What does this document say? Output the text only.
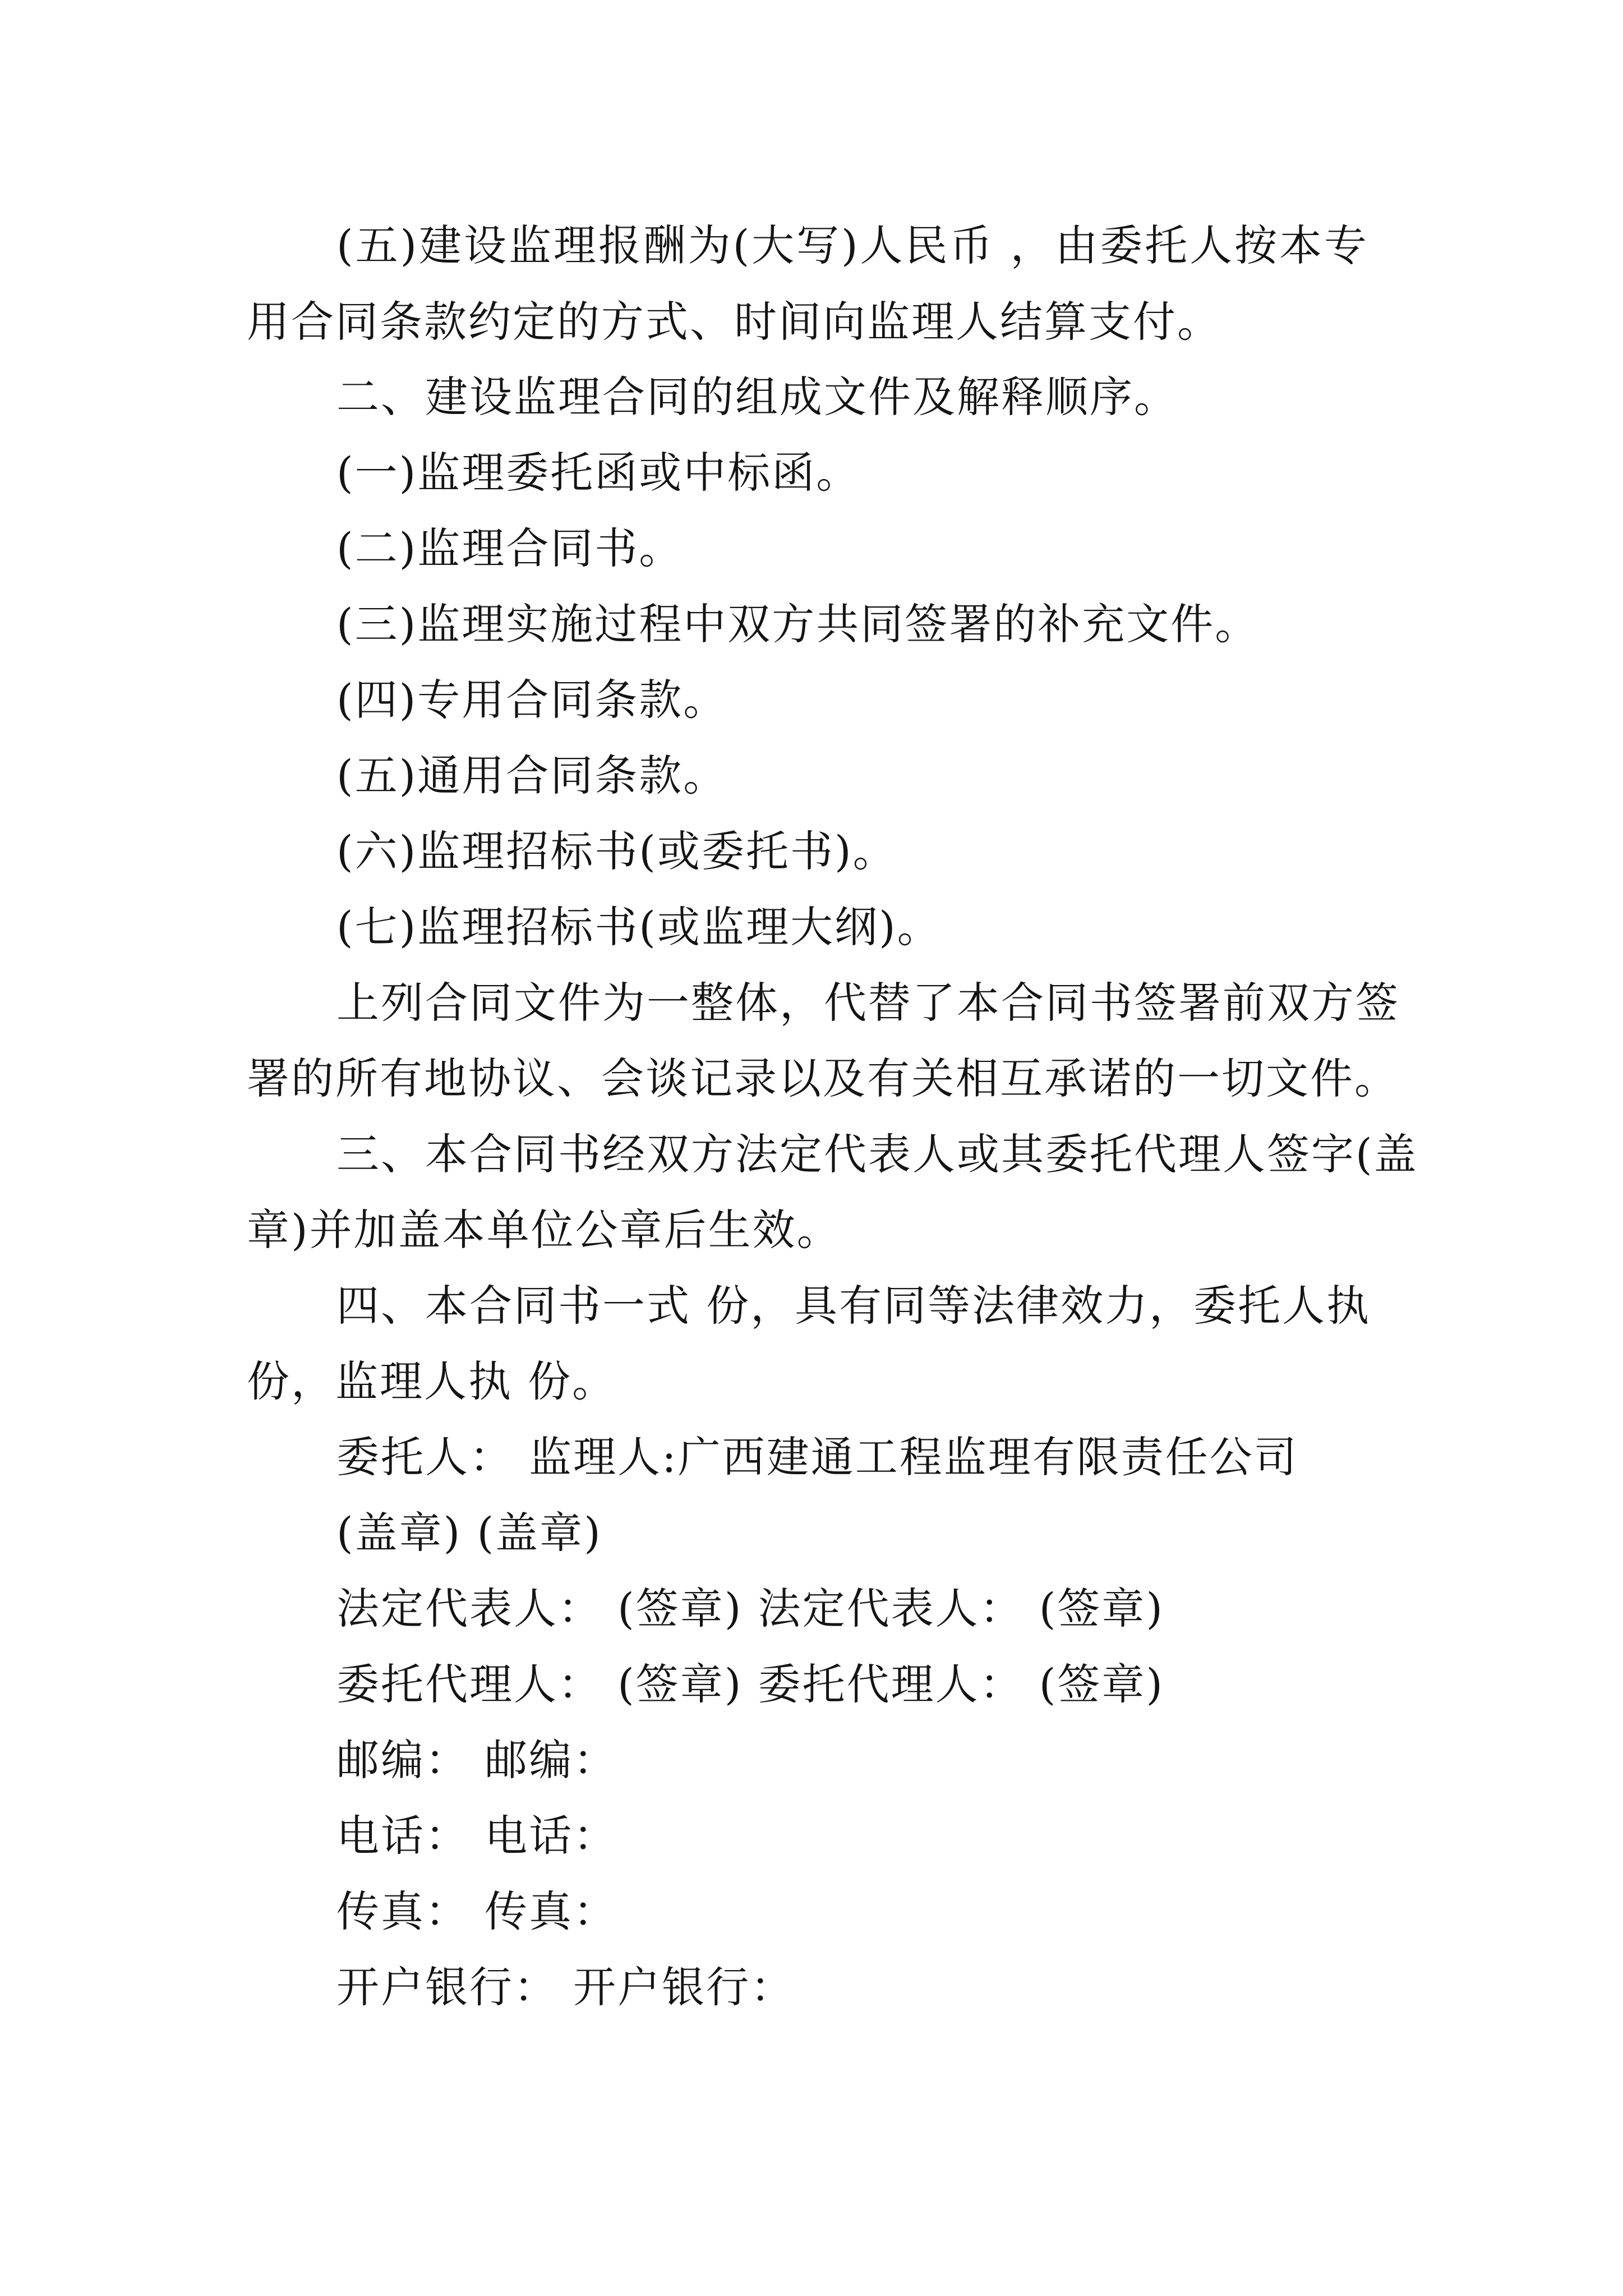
(五)建设监理报酬为(大写)人民币 ，由委托人按本专
用合同条款约定的方式、时间向监理人结算支付。
二、建设监理合同的组成文件及解释顺序。
(一)监理委托函或中标函。
(二)监理合同书。
(三)监理实施过程中双方共同签署的补充文件。
(四)专用合同条款。
(五)通用合同条款。
(六)监理招标书(或委托书)。
(七)监理招标书(或监理大纲)。
上列合同文件为一整体，代替了本合同书签署前双方签
署的所有地协议、会谈记录以及有关相互承诺的一切文件。
三、本合同书经双方法定代表人或其委托代理人签字(盖
章)并加盖本单位公章后生效。
四、本合同书一式 份，具有同等法律效力，委托人执
份，监理人执 份。
委托人： 监理人:广西建通工程监理有限责任公司
(盖章) (盖章)
法定代表人： (签章) 法定代表人： (签章)
委托代理人： (签章) 委托代理人： (签章)
邮编： 邮编：
电话： 电话：
传真： 传真：
开户银行： 开户银行：
